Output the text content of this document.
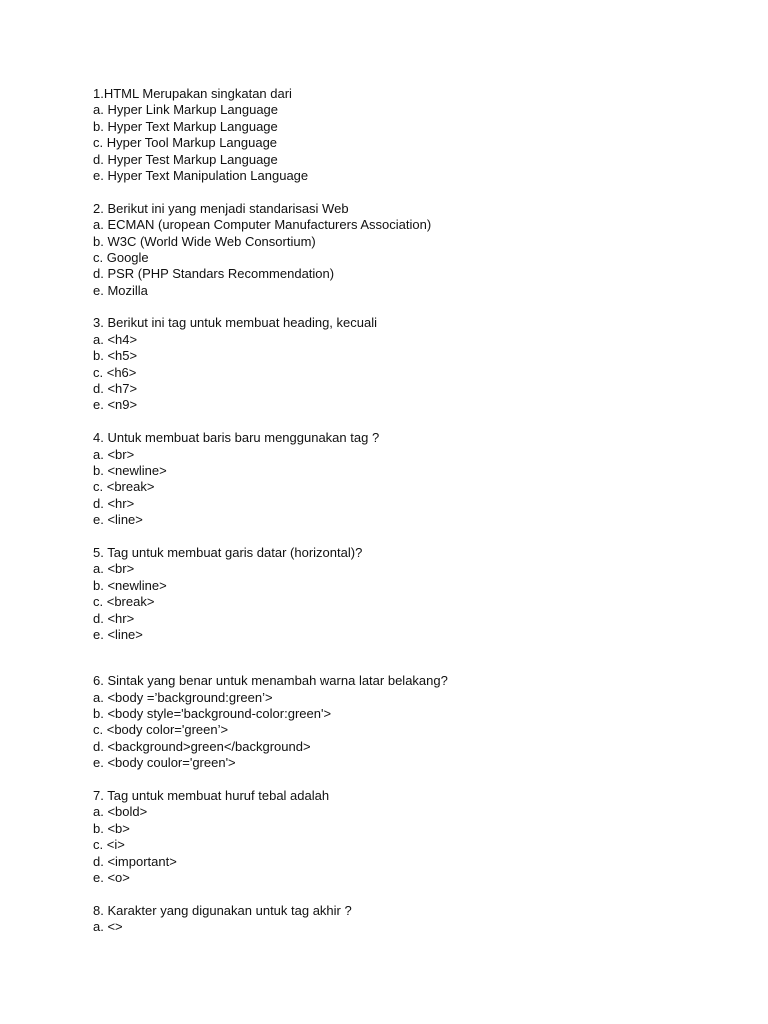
1.HTML Merupakan singkatan dari
a. Hyper Link Markup Language
b. Hyper Text Markup Language
c. Hyper Tool Markup Language
d. Hyper Test Markup Language
e. Hyper Text Manipulation Language
2. Berikut ini yang menjadi standarisasi Web
a. ECMAN (uropean Computer Manufacturers Association)
b. W3C (World Wide Web Consortium)
c. Google
d. PSR (PHP Standars Recommendation)
e. Mozilla
3. Berikut ini tag untuk membuat heading, kecuali
a. <h4>
b. <h5>
c. <h6>
d. <h7>
e. <n9>
4. Untuk membuat baris baru menggunakan tag ?
a. <br>
b. <newline>
c. <break>
d. <hr>
e. <line>
5. Tag untuk membuat garis datar (horizontal)?
a. <br>
b. <newline>
c. <break>
d. <hr>
e. <line>
6. Sintak yang benar untuk menambah warna latar belakang?
a. <body =’background:green’>
b. <body style='background-color:green'>
c. <body color='green’>
d. <background>green</background>
e. <body coulor='green'>
7. Tag untuk membuat huruf tebal adalah
a. <bold>
b. <b>
c. <i>
d. <important>
e. <o>
8. Karakter yang digunakan untuk tag akhir ?
a. <>
